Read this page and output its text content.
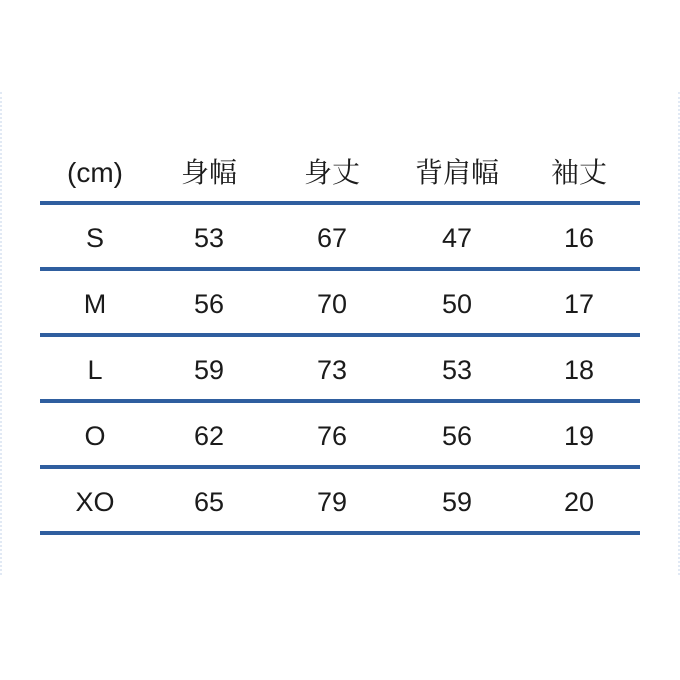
(cm)	身幅	身丈	背肩幅	袖丈
S	53	67	47	16
M	56	70	50	17
L	59	73	53	18
O	62	76	56	19
XO	65	79	59	20
